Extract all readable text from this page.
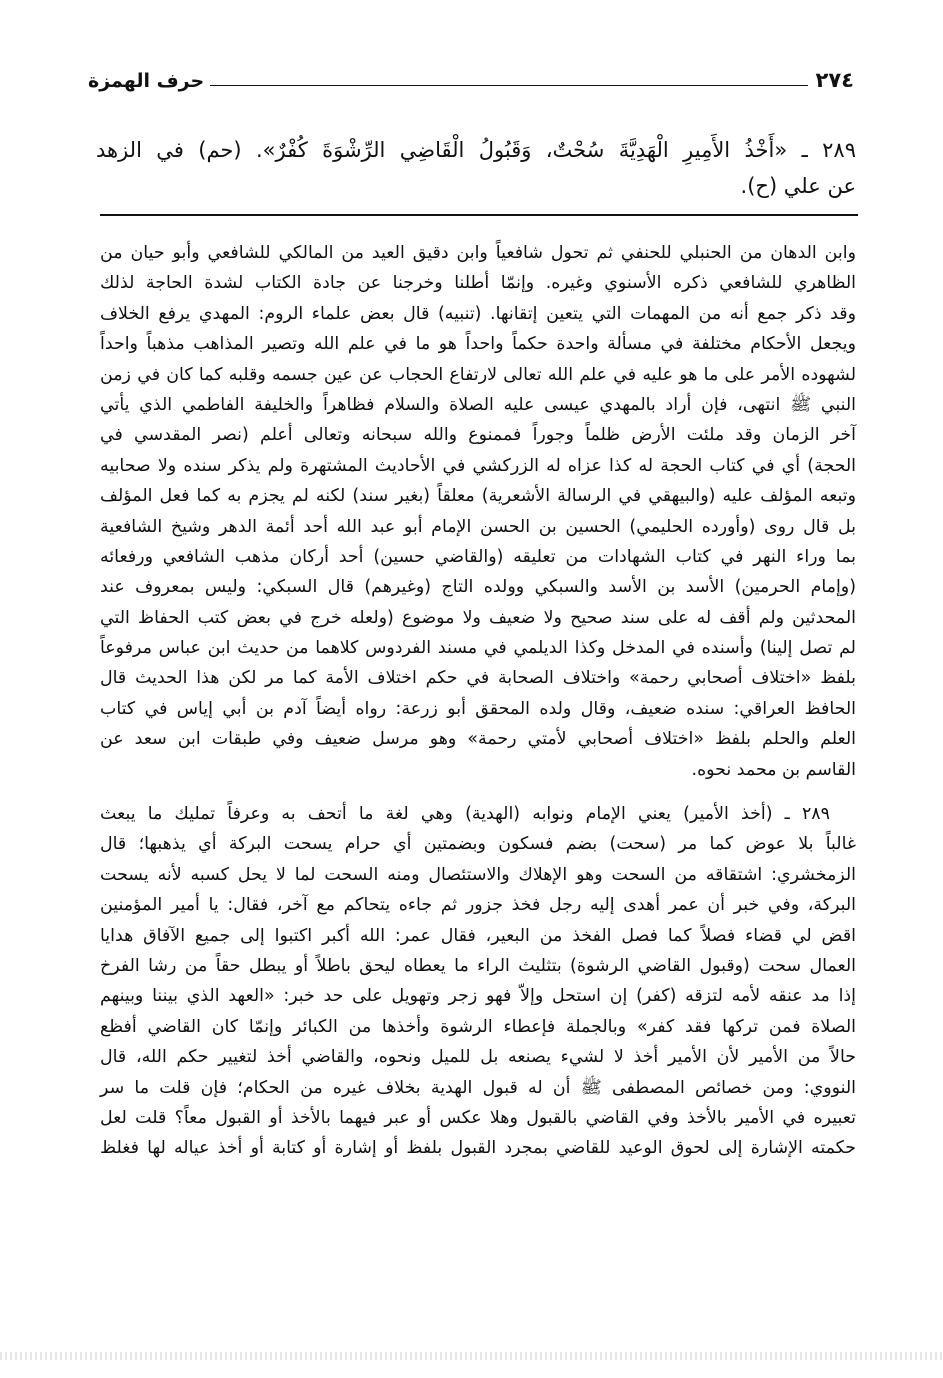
٢٧٤
حرف الهمزة
٢٨٩ ـ «أَخْذُ الأَمِيرِ الْهَدِيَّةَ سُحْتٌ، وَقَبُولُ الْقَاضِي الرِّشْوَةَ كُفْرٌ». (حم) في الزهد
عن علي (ح).
وابن الدهان من الحنبلي للحنفي ثم تحول شافعياً وابن دقيق العيد من المالكي للشافعي وأبو حيان من
الظاهري للشافعي ذكره الأسنوي وغيره. وإنمّا أطلنا وخرجنا عن جادة الكتاب لشدة الحاجة لذلك
وقد ذكر جمع أنه من المهمات التي يتعين إتقانها. (تنبيه) قال بعض علماء الروم: المهدي يرفع الخلاف
ويجعل الأحكام مختلفة في مسألة واحدة حكماً واحداً هو ما في علم الله وتصير المذاهب مذهباً واحداً
لشهوده الأمر على ما هو عليه في علم الله تعالى لارتفاع الحجاب عن عين جسمه وقلبه كما كان في زمن
النبي ﷺ انتهى، فإن أراد بالمهدي عيسى عليه الصلاة والسلام فظاهراً والخليفة الفاطمي الذي يأتي
آخر الزمان وقد ملئت الأرض ظلماً وجوراً فممنوع والله سبحانه وتعالى أعلم (نصر المقدسي في
الحجة) أي في كتاب الحجة له كذا عزاه له الزركشي في الأحاديث المشتهرة ولم يذكر سنده ولا صحابيه
وتبعه المؤلف عليه (والبيهقي في الرسالة الأشعرية) معلقاً (بغير سند) لكنه لم يجزم به كما فعل المؤلف
بل قال روى (وأورده الحليمي) الحسين بن الحسن الإمام أبو عبد الله أحد أئمة الدهر وشيخ الشافعية
بما وراء النهر في كتاب الشهادات من تعليقه (والقاضي حسين) أحد أركان مذهب الشافعي ورفعائه
(وإمام الحرمين) الأسد بن الأسد والسبكي وولده التاج (وغيرهم) قال السبكي: وليس بمعروف عند
المحدثين ولم أقف له على سند صحيح ولا ضعيف ولا موضوع (ولعله خرج في بعض كتب الحفاظ التي
لم تصل إلينا) وأسنده في المدخل وكذا الديلمي في مسند الفردوس كلاهما من حديث ابن عباس مرفوعاً
بلفظ «اختلاف أصحابي رحمة» واختلاف الصحابة في حكم اختلاف الأمة كما مر لكن هذا الحديث قال
الحافظ العراقي: سنده ضعيف، وقال ولده المحقق أبو زرعة: رواه أيضاً آدم بن أبي إياس في كتاب
العلم والحلم بلفظ «اختلاف أصحابي لأمتي رحمة» وهو مرسل ضعيف وفي طبقات ابن سعد عن
القاسم بن محمد نحوه.
٢٨٩ ـ (أخذ الأمير) يعني الإمام ونوابه (الهدية) وهي لغة ما أتحف به وعرفاً تمليك ما يبعث
غالباً بلا عوض كما مر (سحت) بضم فسكون وبضمتين أي حرام يسحت البركة أي يذهبها؛ قال
الزمخشري: اشتقاقه من السحت وهو الإهلاك والاستئصال ومنه السحت لما لا يحل كسبه لأنه يسحت
البركة، وفي خبر أن عمر أهدى إليه رجل فخذ جزور ثم جاءه يتحاكم مع آخر، فقال: يا أمير المؤمنين
اقض لي قضاء فصلاً كما فصل الفخذ من البعير، فقال عمر: الله أكبر اكتبوا إلى جميع الآفاق هدايا
العمال سحت (وقبول القاضي الرشوة) بتثليث الراء ما يعطاه ليحق باطلاً أو يبطل حقاً من رشا الفرخ
إذا مد عنقه لأمه لتزقه (كفر) إن استحل وإلاّ فهو زجر وتهويل على حد خبر: «العهد الذي بيننا وبينهم
الصلاة فمن تركها فقد كفر» وبالجملة فإعطاء الرشوة وأخذها من الكبائر وإنمّا كان القاضي أفظع
حالاً من الأمير لأن الأمير أخذ لا لشيء يصنعه بل للميل ونحوه، والقاضي أخذ لتغيير حكم الله، قال
النووي: ومن خصائص المصطفى ﷺ أن له قبول الهدية بخلاف غيره من الحكام؛ فإن قلت ما سر
تعبيره في الأمير بالأخذ وفي القاضي بالقبول وهلا عكس أو عبر فيهما بالأخذ أو القبول معاً؟ قلت لعل
حكمته الإشارة إلى لحوق الوعيد للقاضي بمجرد القبول بلفظ أو إشارة أو كتابة أو أخذ عياله لها فغلظ
